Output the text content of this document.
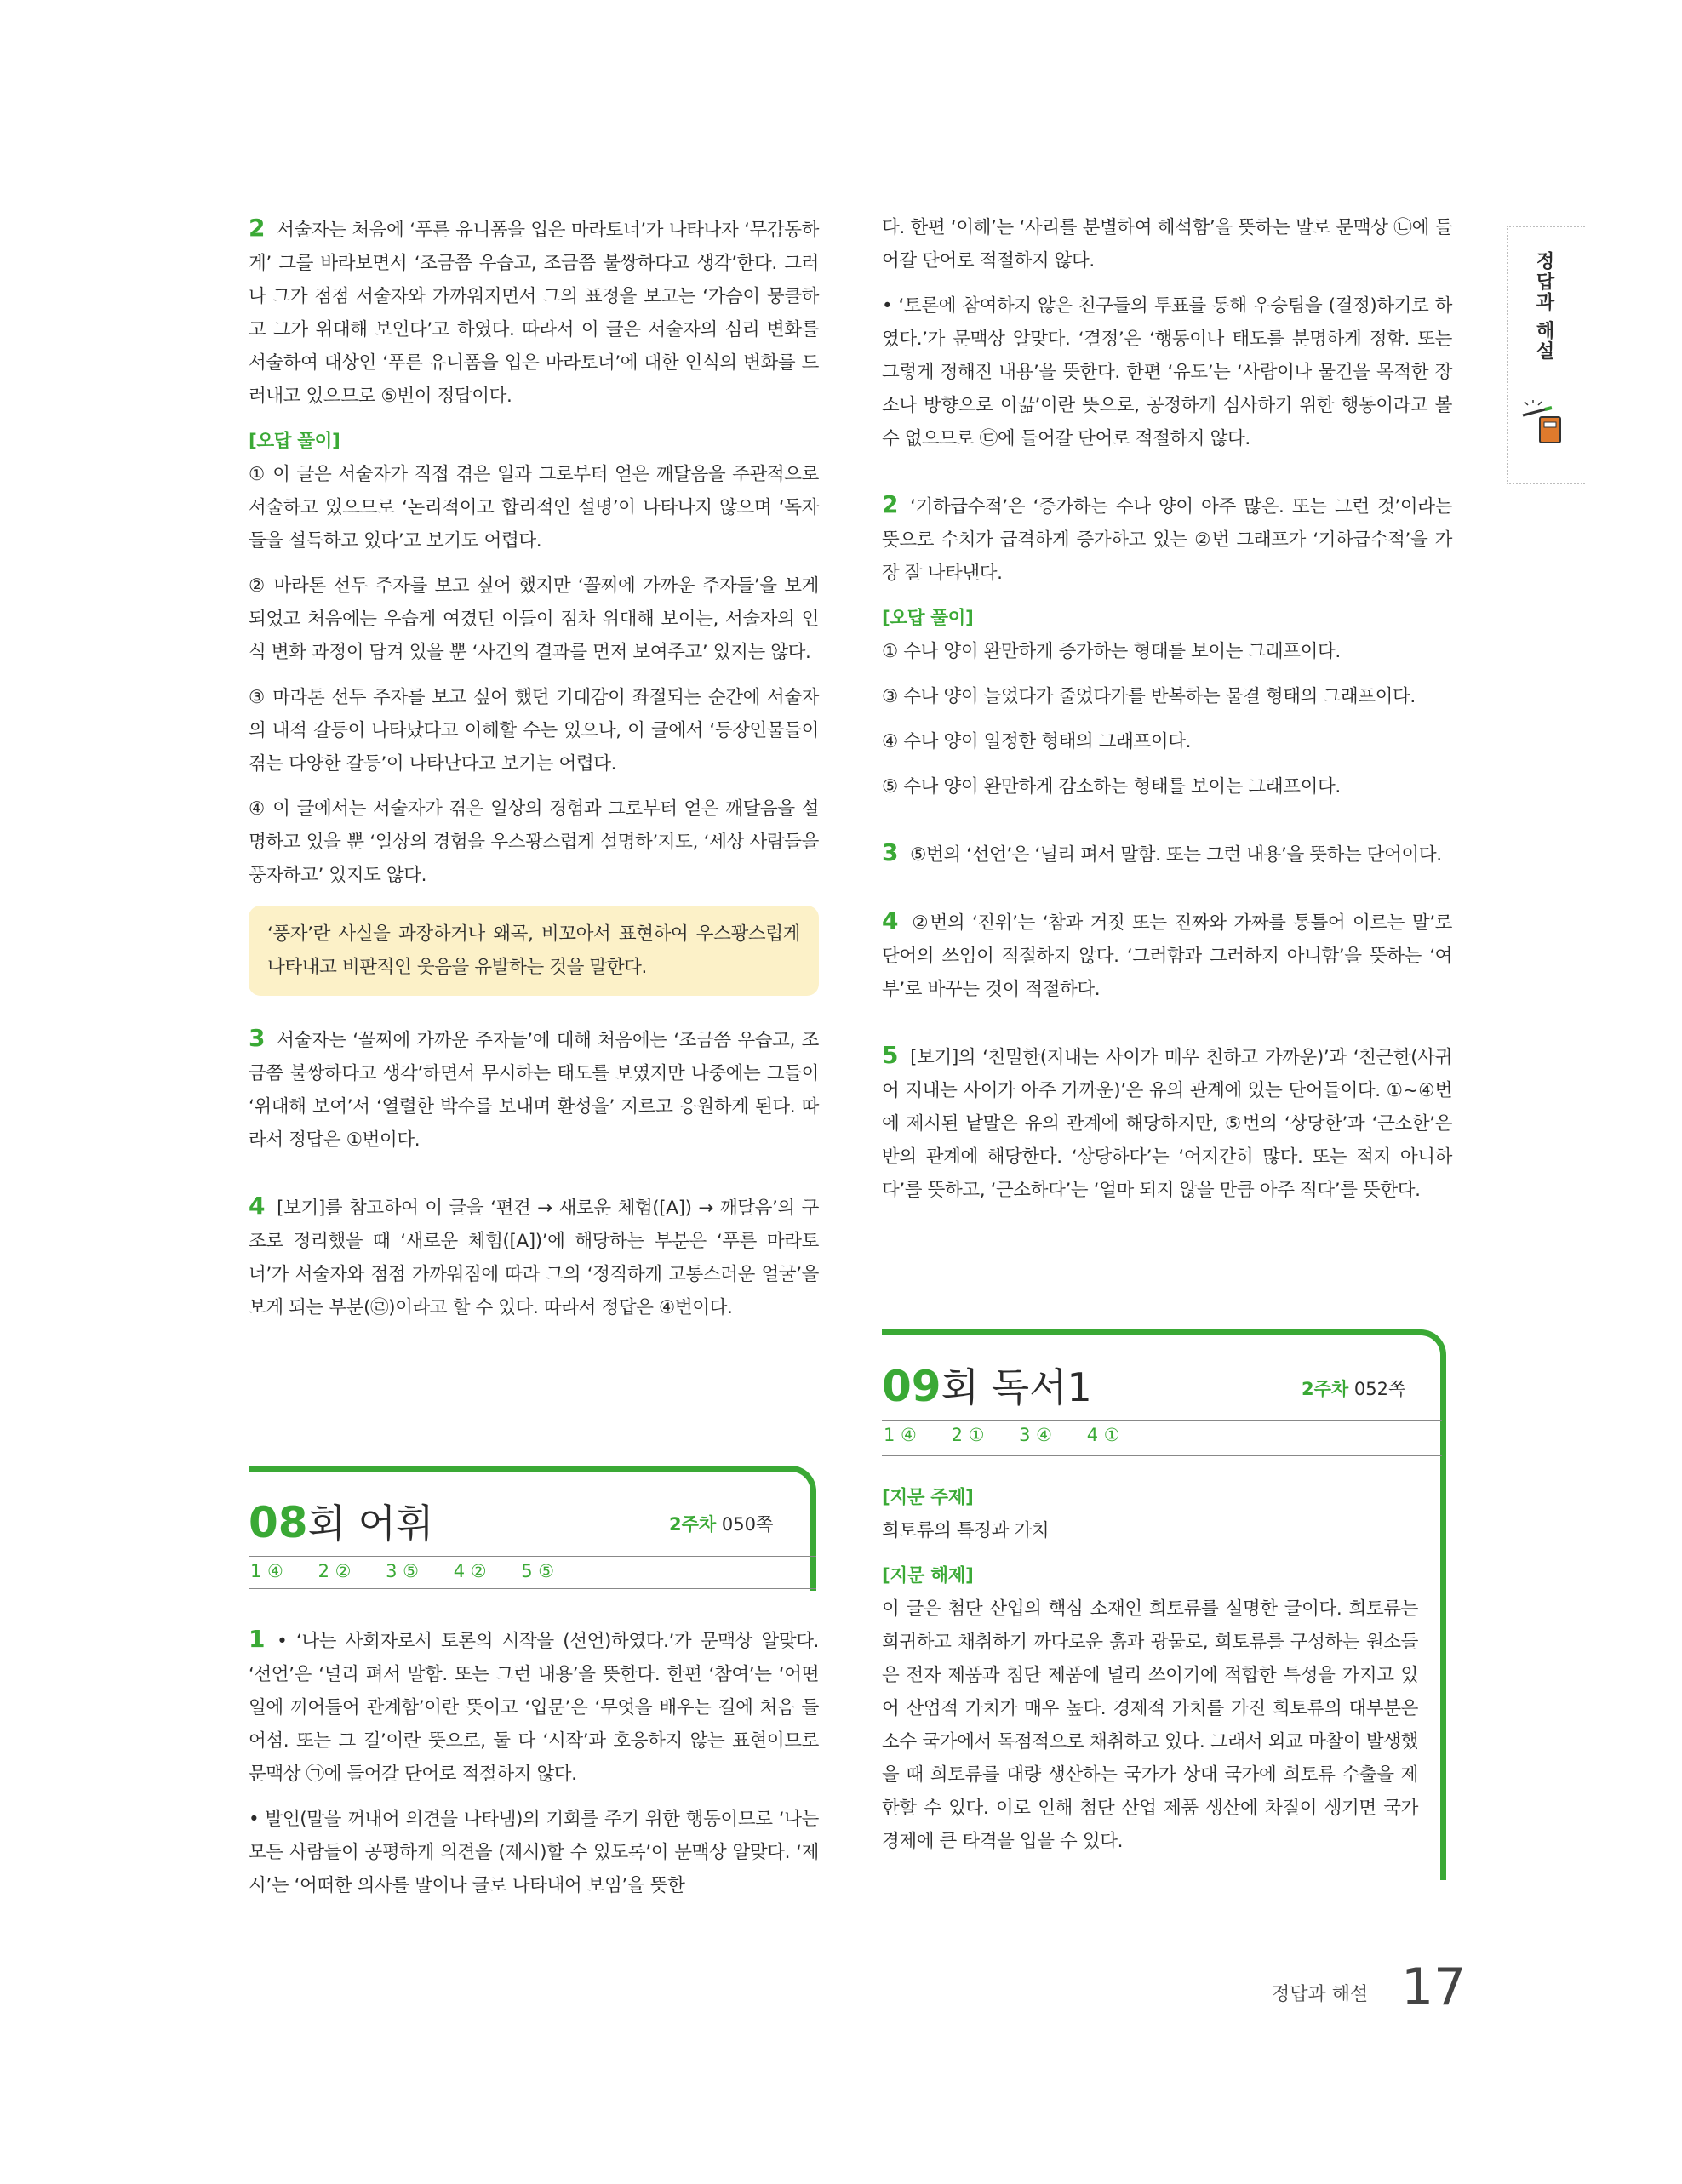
2 서술자는 처음에 ‘푸른 유니폼을 입은 마라토너’가 나타나자 ‘무감동하게’ 그를 바라보면서 ‘조금쯤 우습고, 조금쯤 불쌍하다고 생각’한다. 그러나 그가 점점 서술자와 가까워지면서 그의 표정을 보고는 ‘가슴이 뭉클하고 그가 위대해 보인다’고 하였다. 따라서 이 글은 서술자의 심리 변화를 서술하여 대상인 ‘푸른 유니폼을 입은 마라토너’에 대한 인식의 변화를 드러내고 있으므로 ⑤번이 정답이다.

[오답 풀이]

① 이 글은 서술자가 직접 겪은 일과 그로부터 얻은 깨달음을 주관적으로 서술하고 있으므로 ‘논리적이고 합리적인 설명’이 나타나지 않으며 ‘독자들을 설득하고 있다’고 보기도 어렵다.

② 마라톤 선두 주자를 보고 싶어 했지만 ‘꼴찌에 가까운 주자들’을 보게 되었고 처음에는 우습게 여겼던 이들이 점차 위대해 보이는, 서술자의 인식 변화 과정이 담겨 있을 뿐 ‘사건의 결과를 먼저 보여주고’ 있지는 않다.

③ 마라톤 선두 주자를 보고 싶어 했던 기대감이 좌절되는 순간에 서술자의 내적 갈등이 나타났다고 이해할 수는 있으나, 이 글에서 ‘등장인물들이 겪는 다양한 갈등’이 나타난다고 보기는 어렵다.

④ 이 글에서는 서술자가 겪은 일상의 경험과 그로부터 얻은 깨달음을 설명하고 있을 뿐 ‘일상의 경험을 우스꽝스럽게 설명하’지도, ‘세상 사람들을 풍자하고’ 있지도 않다.

‘풍자’란 사실을 과장하거나 왜곡, 비꼬아서 표현하여 우스꽝스럽게 나타내고 비판적인 웃음을 유발하는 것을 말한다.

3 서술자는 ‘꼴찌에 가까운 주자들’에 대해 처음에는 ‘조금쯤 우습고, 조금쯤 불쌍하다고 생각’하면서 무시하는 태도를 보였지만 나중에는 그들이 ‘위대해 보여’서 ‘열렬한 박수를 보내며 환성을’ 지르고 응원하게 된다. 따라서 정답은 ①번이다.

4 [보기]를 참고하여 이 글을 ‘편견 → 새로운 체험([A]) → 깨달음’의 구조로 정리했을 때 ‘새로운 체험([A])’에 해당하는 부분은 ‘푸른 마라토너’가 서술자와 점점 가까워짐에 따라 그의 ‘정직하게 고통스러운 얼굴’을 보게 되는 부분(㉣)이라고 할 수 있다. 따라서 정답은 ④번이다.

08회 어휘	2주차 050쪽
1 ④ 2 ② 3 ⑤ 4 ② 5 ⑤

1 • ‘나는 사회자로서 토론의 시작을 (선언)하였다.’가 문맥상 알맞다. ‘선언’은 ‘널리 펴서 말함. 또는 그런 내용’을 뜻한다. 한편 ‘참여’는 ‘어떤 일에 끼어들어 관계함’이란 뜻이고 ‘입문’은 ‘무엇을 배우는 길에 처음 들어섬. 또는 그 길’이란 뜻으로, 둘 다 ‘시작’과 호응하지 않는 표현이므로 문맥상 ㉠에 들어갈 단어로 적절하지 않다.

• 발언(말을 꺼내어 의견을 나타냄)의 기회를 주기 위한 행동이므로 ‘나는 모든 사람들이 공평하게 의견을 (제시)할 수 있도록’이 문맥상 알맞다. ‘제시’는 ‘어떠한 의사를 말이나 글로 나타내어 보임’을 뜻한

다. 한편 ‘이해’는 ‘사리를 분별하여 해석함’을 뜻하는 말로 문맥상 ㉡에 들어갈 단어로 적절하지 않다.

• ‘토론에 참여하지 않은 친구들의 투표를 통해 우승팀을 (결정)하기로 하였다.’가 문맥상 알맞다. ‘결정’은 ‘행동이나 태도를 분명하게 정함. 또는 그렇게 정해진 내용’을 뜻한다. 한편 ‘유도’는 ‘사람이나 물건을 목적한 장소나 방향으로 이끎’이란 뜻으로, 공정하게 심사하기 위한 행동이라고 볼 수 없으므로 ㉢에 들어갈 단어로 적절하지 않다.

2 ‘기하급수적’은 ‘증가하는 수나 양이 아주 많은. 또는 그런 것’이라는 뜻으로 수치가 급격하게 증가하고 있는 ②번 그래프가 ‘기하급수적’을 가장 잘 나타낸다.

[오답 풀이]

① 수나 양이 완만하게 증가하는 형태를 보이는 그래프이다.

③ 수나 양이 늘었다가 줄었다가를 반복하는 물결 형태의 그래프이다.

④ 수나 양이 일정한 형태의 그래프이다.

⑤ 수나 양이 완만하게 감소하는 형태를 보이는 그래프이다.

3 ⑤번의 ‘선언’은 ‘널리 펴서 말함. 또는 그런 내용’을 뜻하는 단어이다.

4 ②번의 ‘진위’는 ‘참과 거짓 또는 진짜와 가짜를 통틀어 이르는 말’로 단어의 쓰임이 적절하지 않다. ‘그러함과 그러하지 아니함’을 뜻하는 ‘여부’로 바꾸는 것이 적절하다.

5 [보기]의 ‘친밀한(지내는 사이가 매우 친하고 가까운)’과 ‘친근한(사귀어 지내는 사이가 아주 가까운)’은 유의 관계에 있는 단어들이다. ①~④번에 제시된 낱말은 유의 관계에 해당하지만, ⑤번의 ‘상당한’과 ‘근소한’은 반의 관계에 해당한다. ‘상당하다’는 ‘어지간히 많다. 또는 적지 아니하다’를 뜻하고, ‘근소하다’는 ‘얼마 되지 않을 만큼 아주 적다’를 뜻한다.

09회 독서1	2주차 052쪽
1 ④ 2 ① 3 ④ 4 ①

[지문 주제]

희토류의 특징과 가치

[지문 해제]

이 글은 첨단 산업의 핵심 소재인 희토류를 설명한 글이다. 희토류는 희귀하고 채취하기 까다로운 흙과 광물로, 희토류를 구성하는 원소들은 전자 제품과 첨단 제품에 널리 쓰이기에 적합한 특성을 가지고 있어 산업적 가치가 매우 높다. 경제적 가치를 가진 희토류의 대부분은 소수 국가에서 독점적으로 채취하고 있다. 그래서 외교 마찰이 발생했을 때 희토류를 대량 생산하는 국가가 상대 국가에 희토류 수출을 제한할 수 있다. 이로 인해 첨단 산업 제품 생산에 차질이 생기면 국가 경제에 큰 타격을 입을 수 있다.

정답과 해설
정답과 해설 17
